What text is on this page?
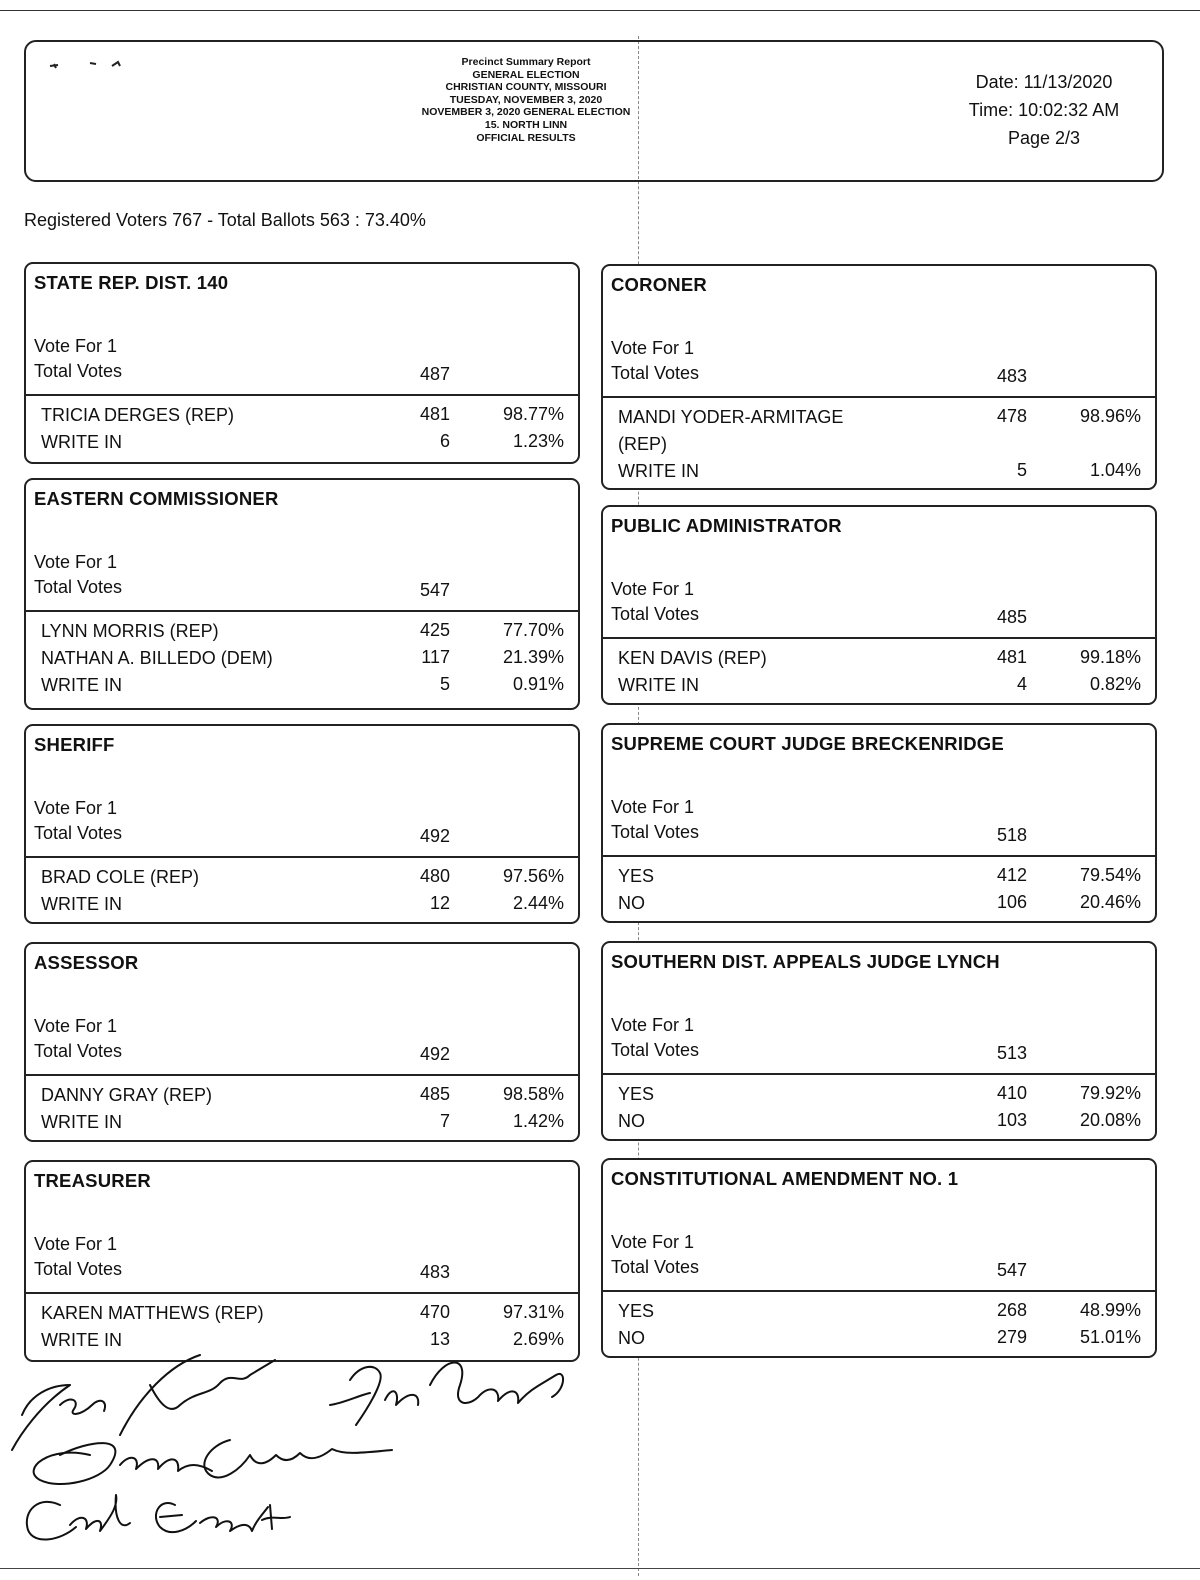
Precinct Summary Report
GENERAL ELECTION
CHRISTIAN COUNTY, MISSOURI
TUESDAY, NOVEMBER 3, 2020
NOVEMBER 3, 2020 GENERAL ELECTION
15. NORTH LINN
OFFICIAL RESULTS
Date: 11/13/2020
Time: 10:02:32 AM
Page 2/3
Registered Voters 767 - Total Ballots 563 : 73.40%
STATE REP. DIST. 140
Vote For 1
Total Votes	487
TRICIA DERGES (REP)	481	98.77%
WRITE IN	6	1.23%
EASTERN COMMISSIONER
Vote For 1
Total Votes	547
LYNN MORRIS (REP)	425	77.70%
NATHAN A. BILLEDO (DEM)	117	21.39%
WRITE IN	5	0.91%
SHERIFF
Vote For 1
Total Votes	492
BRAD COLE (REP)	480	97.56%
WRITE IN	12	2.44%
ASSESSOR
Vote For 1
Total Votes	492
DANNY GRAY (REP)	485	98.58%
WRITE IN	7	1.42%
TREASURER
Vote For 1
Total Votes	483
KAREN MATTHEWS (REP)	470	97.31%
WRITE IN	13	2.69%
CORONER
Vote For 1
Total Votes	483
MANDI YODER-ARMITAGE	478	98.96%
(REP)
WRITE IN	5	1.04%
PUBLIC ADMINISTRATOR
Vote For 1
Total Votes	485
KEN DAVIS (REP)	481	99.18%
WRITE IN	4	0.82%
SUPREME COURT JUDGE BRECKENRIDGE
Vote For 1
Total Votes	518
YES	412	79.54%
NO	106	20.46%
SOUTHERN DIST. APPEALS JUDGE LYNCH
Vote For 1
Total Votes	513
YES	410	79.92%
NO	103	20.08%
CONSTITUTIONAL AMENDMENT NO. 1
Vote For 1
Total Votes	547
YES	268	48.99%
NO	279	51.01%
